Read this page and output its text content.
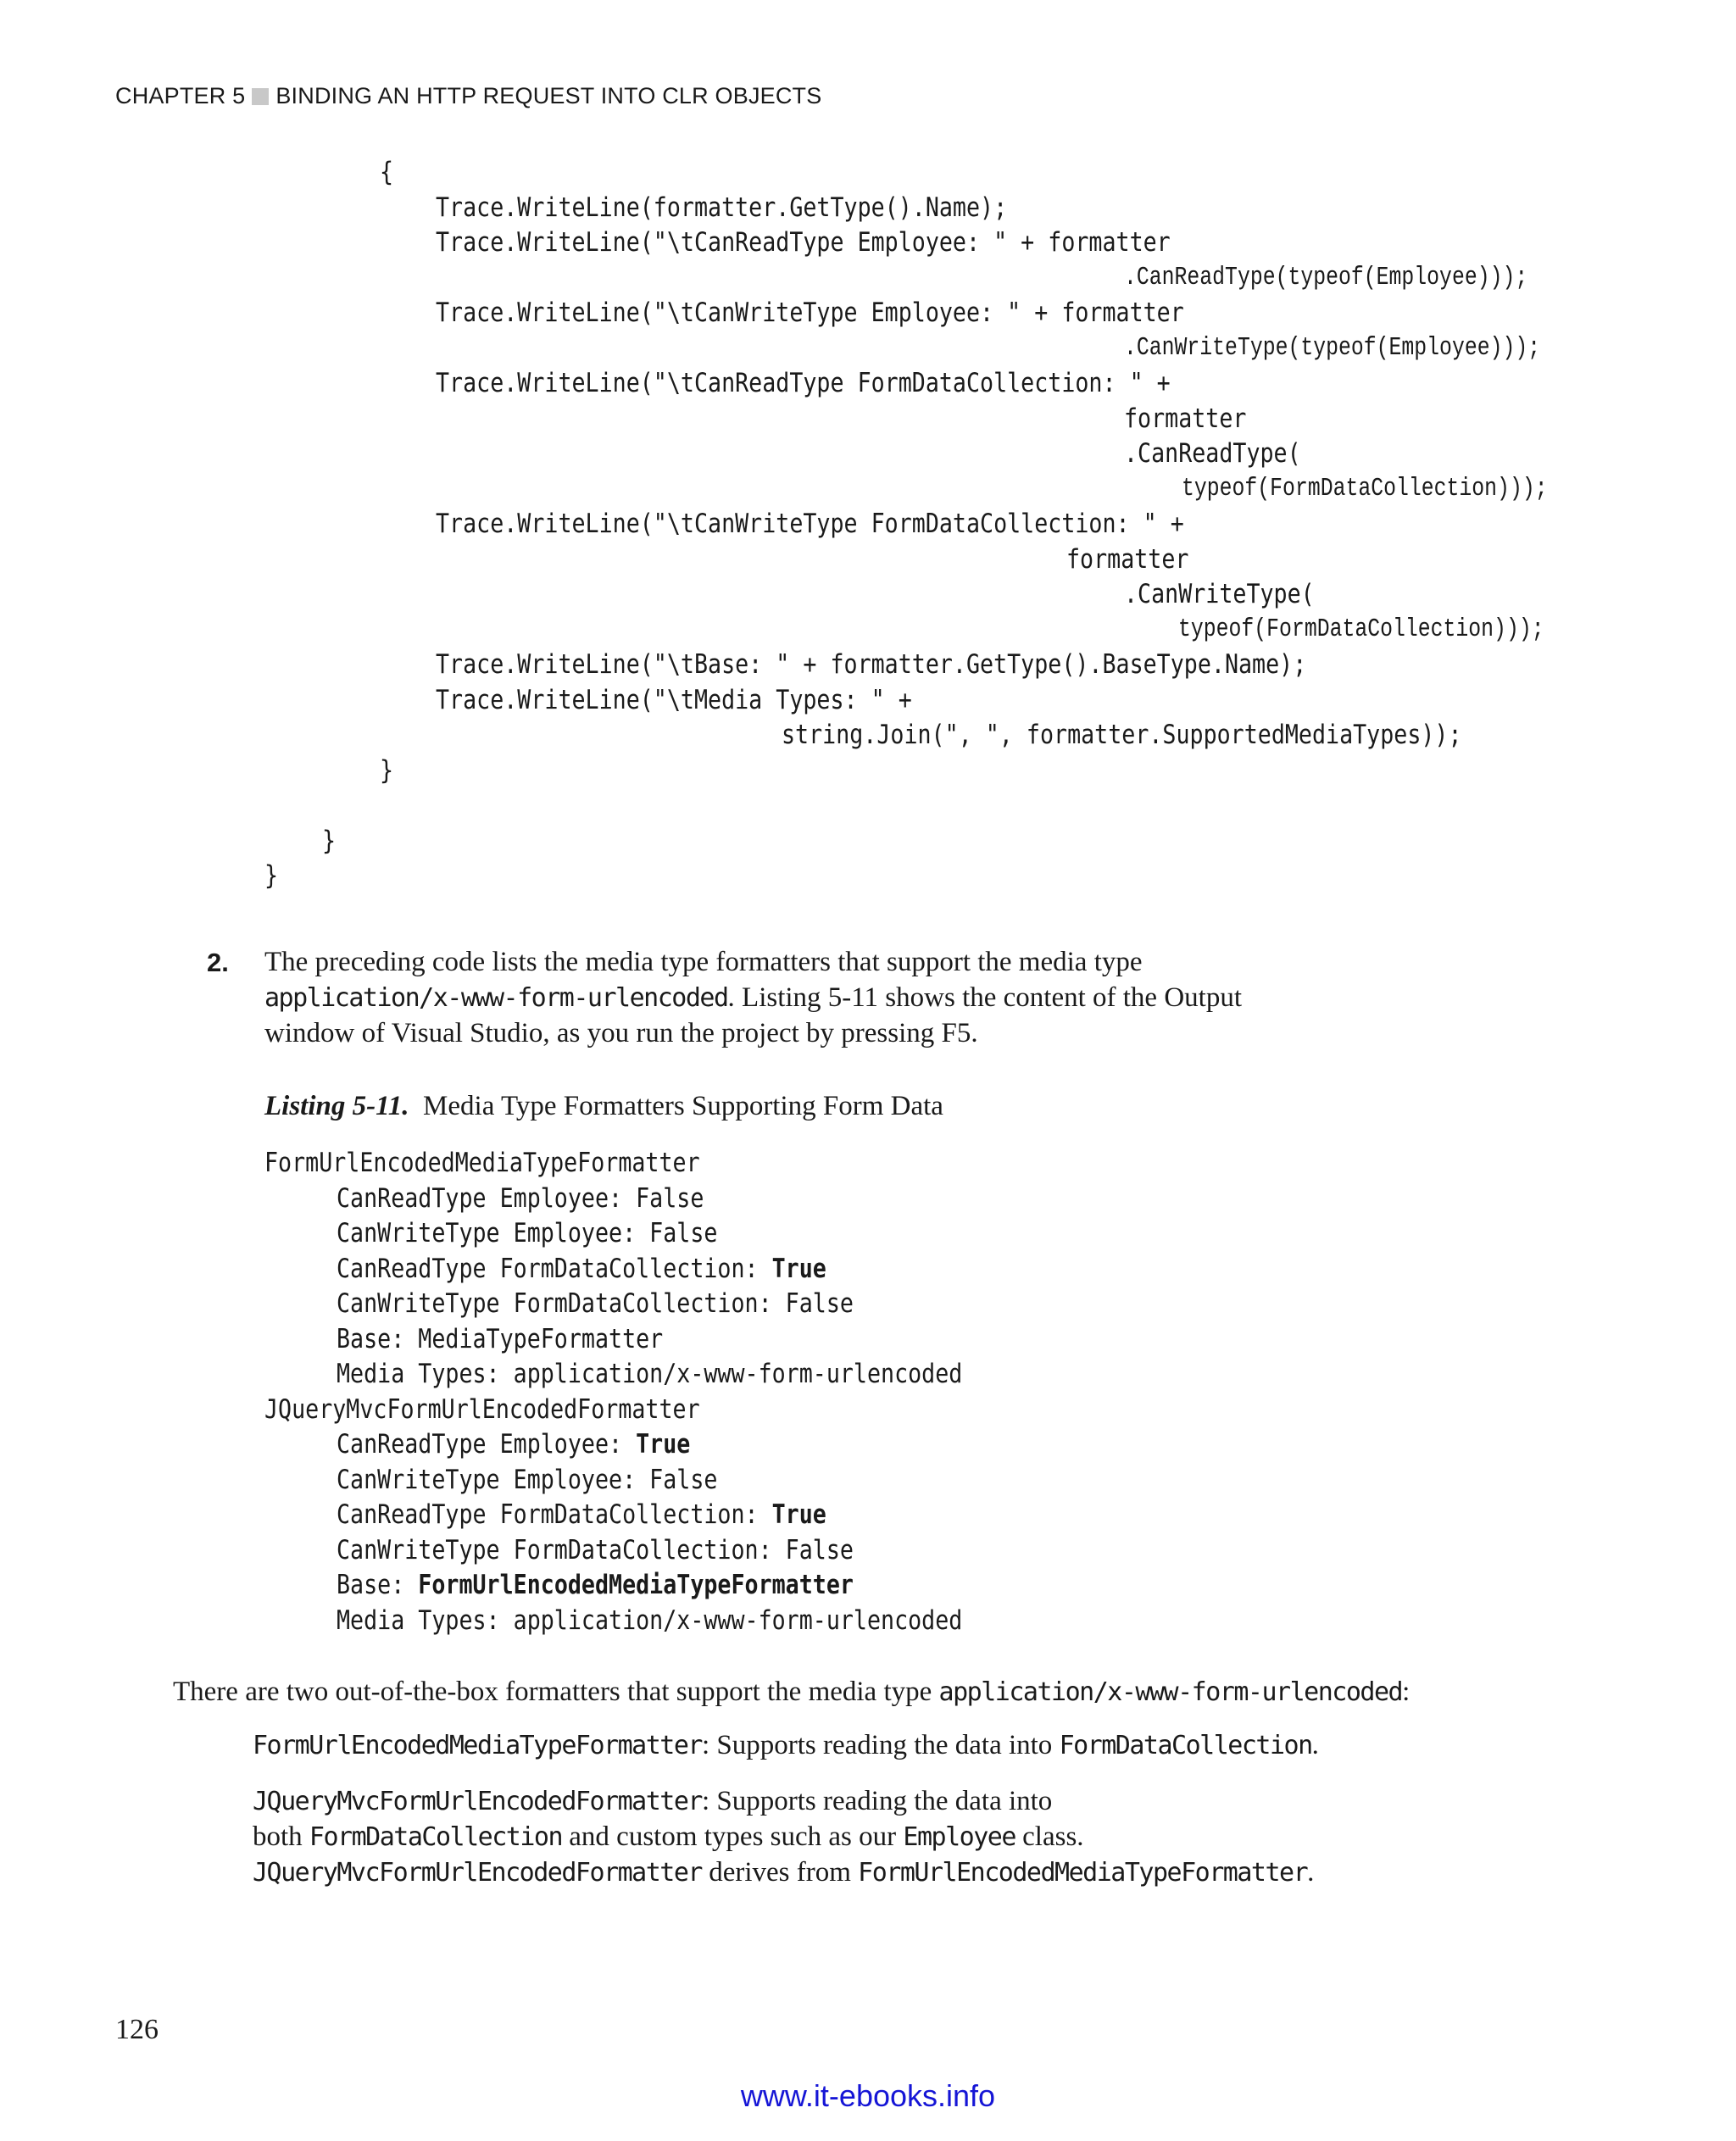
CHAPTER 5 BINDING AN HTTP REQUEST INTO CLR OBJECTS
{
Trace.WriteLine(formatter.GetType().Name);
Trace.WriteLine("\tCanReadType Employee: " + formatter
.CanReadType(typeof(Employee)));
Trace.WriteLine("\tCanWriteType Employee: " + formatter
.CanWriteType(typeof(Employee)));
Trace.WriteLine("\tCanReadType FormDataCollection: " +
formatter
.CanReadType(
typeof(FormDataCollection)));
Trace.WriteLine("\tCanWriteType FormDataCollection: " +
formatter
.CanWriteType(
typeof(FormDataCollection)));
Trace.WriteLine("\tBase: " + formatter.GetType().BaseType.Name);
Trace.WriteLine("\tMedia Types: " +
string.Join(", ", formatter.SupportedMediaTypes));
}
}
}
2. The preceding code lists the media type formatters that support the media type
application/x-www-form-urlencoded. Listing 5-11 shows the content of the Output
window of Visual Studio, as you run the project by pressing F5.
Listing 5-11. Media Type Formatters Supporting Form Data
FormUrlEncodedMediaTypeFormatter
CanReadType Employee: False
CanWriteType Employee: False
CanReadType FormDataCollection: True
CanWriteType FormDataCollection: False
Base: MediaTypeFormatter
Media Types: application/x-www-form-urlencoded
JQueryMvcFormUrlEncodedFormatter
CanReadType Employee: True
CanWriteType Employee: False
CanReadType FormDataCollection: True
CanWriteType FormDataCollection: False
Base: FormUrlEncodedMediaTypeFormatter
Media Types: application/x-www-form-urlencoded
There are two out-of-the-box formatters that support the media type application/x-www-form-urlencoded:
FormUrlEncodedMediaTypeFormatter: Supports reading the data into FormDataCollection.
JQueryMvcFormUrlEncodedFormatter: Supports reading the data into
both FormDataCollection and custom types such as our Employee class.
JQueryMvcFormUrlEncodedFormatter derives from FormUrlEncodedMediaTypeFormatter.
126
www.it-ebooks.info
